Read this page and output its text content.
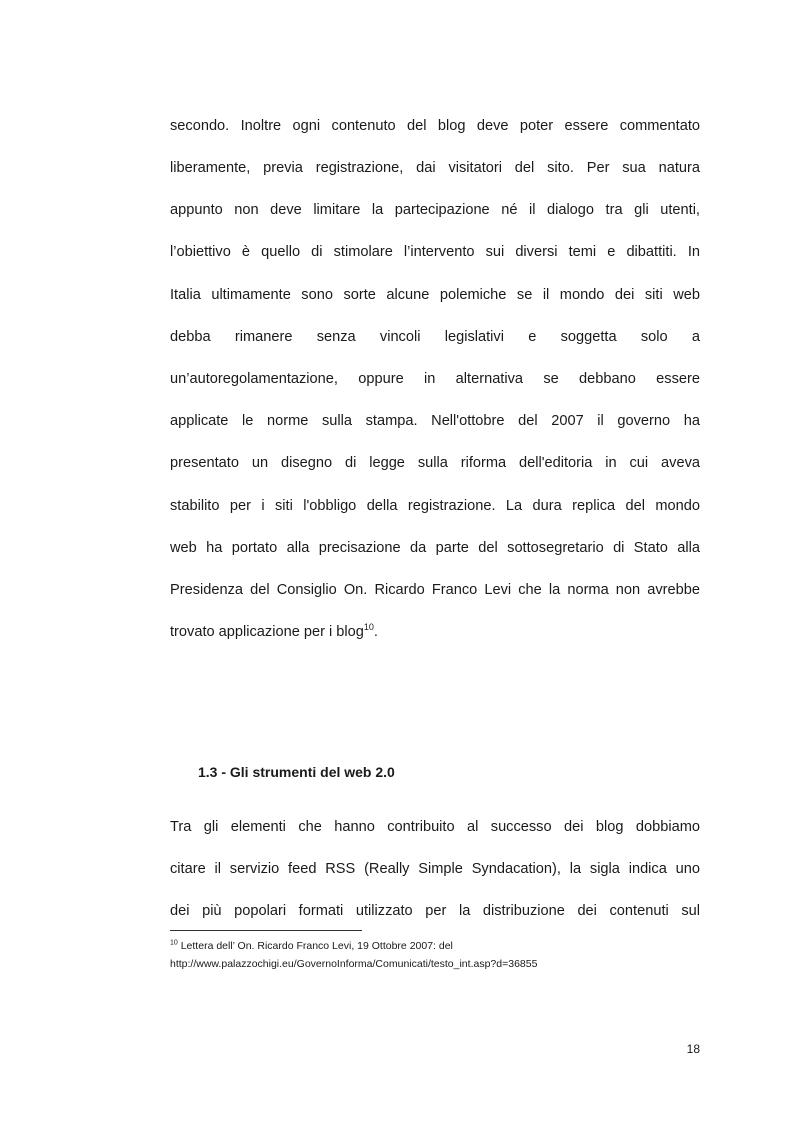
secondo. Inoltre ogni contenuto del blog deve poter essere commentato
liberamente, previa registrazione, dai visitatori del sito. Per sua natura
appunto non deve limitare la partecipazione né il dialogo tra gli utenti,
l’obiettivo è quello di stimolare l’intervento sui diversi temi e dibattiti. In
Italia ultimamente sono sorte alcune polemiche se il mondo dei siti web
debba rimanere senza vincoli legislativi e soggetta solo a
un’autoregolamentazione, oppure in alternativa se debbano essere
applicate le norme sulla stampa. Nell'ottobre del 2007 il governo ha
presentato un disegno di legge sulla riforma dell'editoria in cui aveva
stabilito per i siti l'obbligo della registrazione. La dura replica del mondo
web ha portato alla precisazione da parte del sottosegretario di Stato alla
Presidenza del Consiglio On. Ricardo Franco Levi che la norma non avrebbe
trovato applicazione per i blog$^{10}$.
1.3 - Gli strumenti del web 2.0
Tra gli elementi che hanno contribuito al successo dei blog dobbiamo
citare il servizio feed RSS (Really Simple Syndacation), la sigla indica uno
dei più popolari formati utilizzato per la distribuzione dei contenuti sul
$^{10}$ Lettera dell’ On. Ricardo Franco Levi, 19 Ottobre 2007: del
http://www.palazzochigi.eu/GovernoInforma/Comunicati/testo_int.asp?d=36855
18
